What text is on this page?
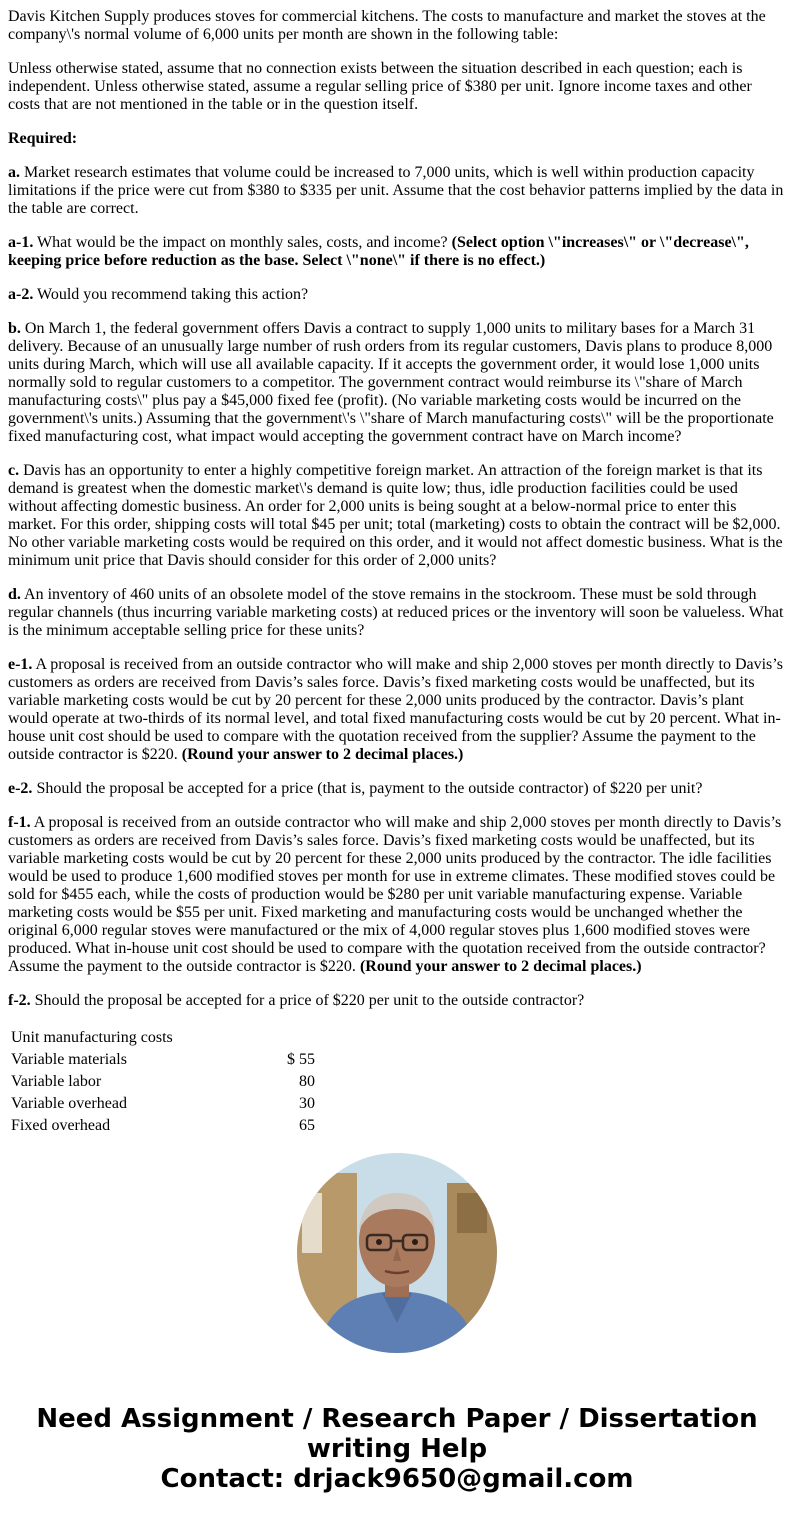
Davis Kitchen Supply produces stoves for commercial kitchens. The costs to manufacture and market the stoves at the company\'s normal volume of 6,000 units per month are shown in the following table:

Unless otherwise stated, assume that no connection exists between the situation described in each question; each is independent. Unless otherwise stated, assume a regular selling price of $380 per unit. Ignore income taxes and other costs that are not mentioned in the table or in the question itself.

Required:

a. Market research estimates that volume could be increased to 7,000 units, which is well within production capacity limitations if the price were cut from $380 to $335 per unit. Assume that the cost behavior patterns implied by the data in the table are correct.

a-1. What would be the impact on monthly sales, costs, and income? (Select option \"increases\" or \"decrease\", keeping price before reduction as the base. Select \"none\" if there is no effect.)

a-2. Would you recommend taking this action?

b. On March 1, the federal government offers Davis a contract to supply 1,000 units to military bases for a March 31 delivery. Because of an unusually large number of rush orders from its regular customers, Davis plans to produce 8,000 units during March, which will use all available capacity. If it accepts the government order, it would lose 1,000 units normally sold to regular customers to a competitor. The government contract would reimburse its \"share of March manufacturing costs\" plus pay a $45,000 fixed fee (profit). (No variable marketing costs would be incurred on the government\'s units.) Assuming that the government\'s \"share of March manufacturing costs\" will be the proportionate fixed manufacturing cost, what impact would accepting the government contract have on March income?

c. Davis has an opportunity to enter a highly competitive foreign market. An attraction of the foreign market is that its demand is greatest when the domestic market\'s demand is quite low; thus, idle production facilities could be used without affecting domestic business. An order for 2,000 units is being sought at a below-normal price to enter this market. For this order, shipping costs will total $45 per unit; total (marketing) costs to obtain the contract will be $2,000. No other variable marketing costs would be required on this order, and it would not affect domestic business. What is the minimum unit price that Davis should consider for this order of 2,000 units?

d. An inventory of 460 units of an obsolete model of the stove remains in the stockroom. These must be sold through regular channels (thus incurring variable marketing costs) at reduced prices or the inventory will soon be valueless. What is the minimum acceptable selling price for these units?

e-1. A proposal is received from an outside contractor who will make and ship 2,000 stoves per month directly to Davis’s customers as orders are received from Davis’s sales force. Davis’s fixed marketing costs would be unaffected, but its variable marketing costs would be cut by 20 percent for these 2,000 units produced by the contractor. Davis’s plant would operate at two-thirds of its normal level, and total fixed manufacturing costs would be cut by 20 percent. What in-house unit cost should be used to compare with the quotation received from the supplier? Assume the payment to the outside contractor is $220. (Round your answer to 2 decimal places.)

e-2. Should the proposal be accepted for a price (that is, payment to the outside contractor) of $220 per unit?

f-1. A proposal is received from an outside contractor who will make and ship 2,000 stoves per month directly to Davis’s customers as orders are received from Davis’s sales force. Davis’s fixed marketing costs would be unaffected, but its variable marketing costs would be cut by 20 percent for these 2,000 units produced by the contractor. The idle facilities would be used to produce 1,600 modified stoves per month for use in extreme climates. These modified stoves could be sold for $455 each, while the costs of production would be $280 per unit variable manufacturing expense. Variable marketing costs would be $55 per unit. Fixed marketing and manufacturing costs would be unchanged whether the original 6,000 regular stoves were manufactured or the mix of 4,000 regular stoves plus 1,600 modified stoves were produced. What in-house unit cost should be used to compare with the quotation received from the outside contractor? Assume the payment to the outside contractor is $220. (Round your answer to 2 decimal places.)

f-2. Should the proposal be accepted for a price of $220 per unit to the outside contractor?

Unit manufacturing costs	
Variable materials	$ 55
Variable labor	80
Variable overhead	30
Fixed overhead	65
Need Assignment / Research Paper / Dissertation
writing Help
Contact: drjack9650@gmail.com
